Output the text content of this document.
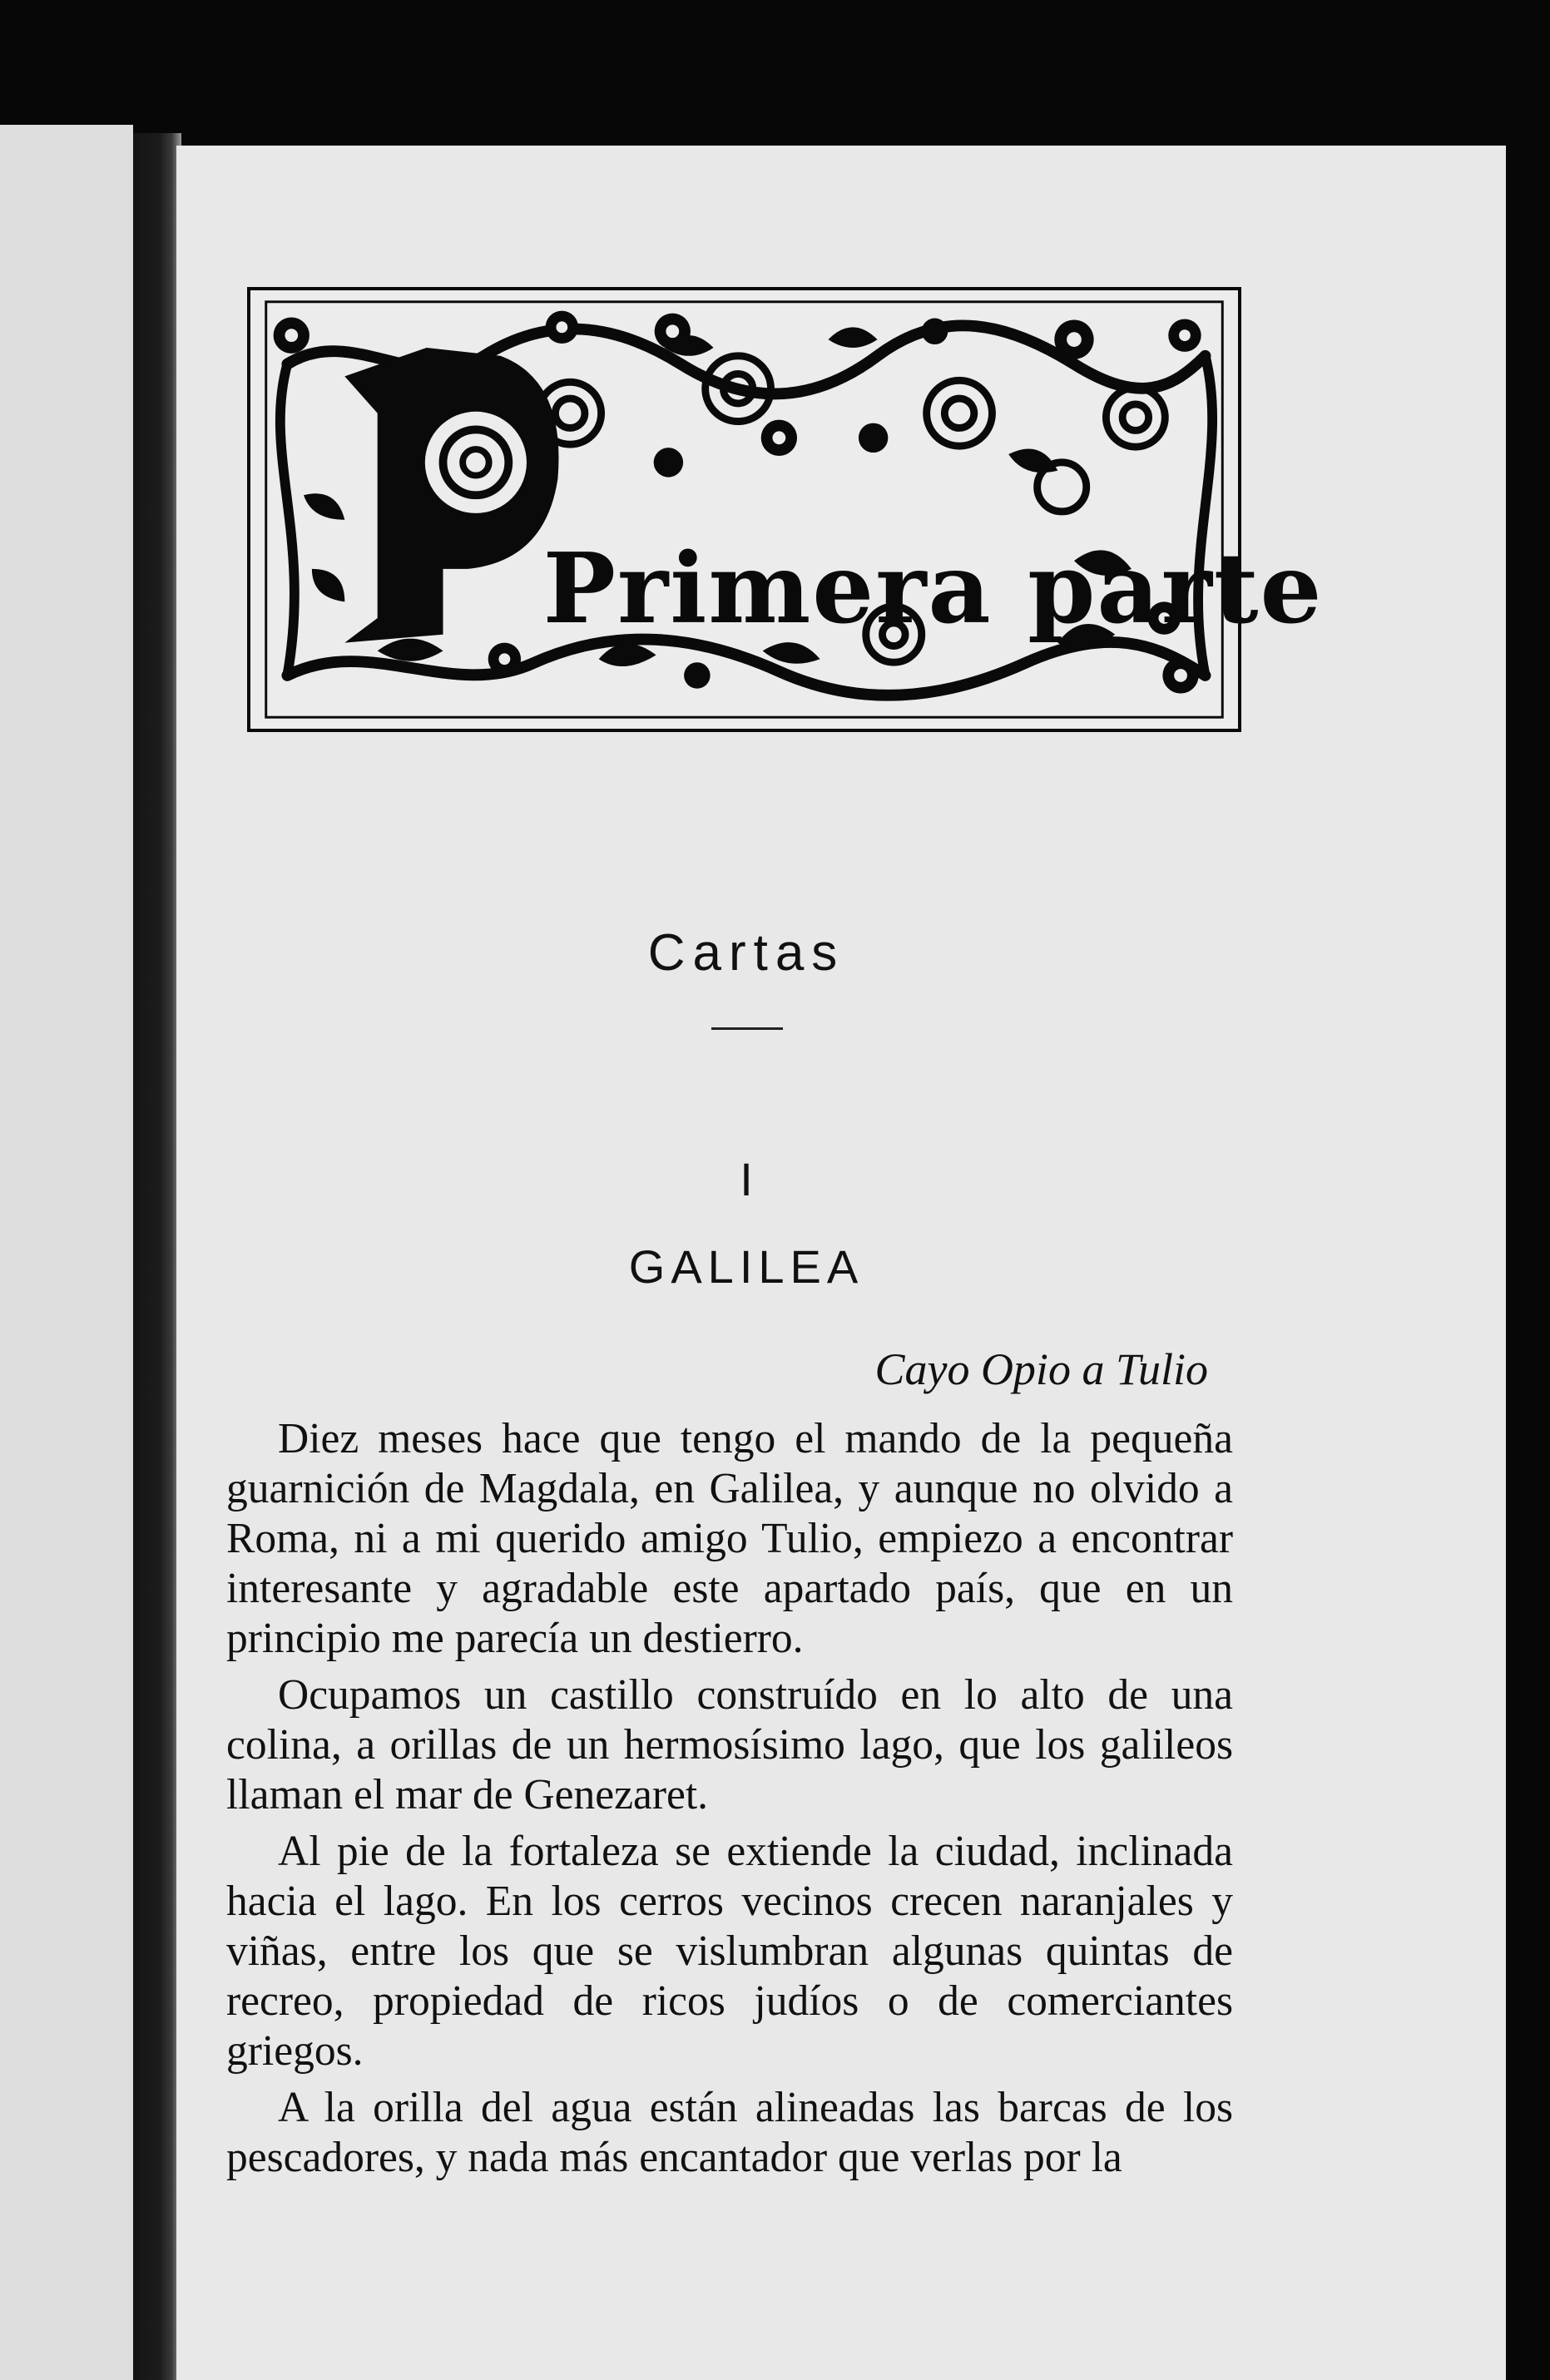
Primera parte
Cartas
I
GALILEA
Cayo Opio a Tulio

Diez meses hace que tengo el mando de la pequeña guarnición de Magdala, en Galilea, y aunque no olvido a Roma, ni a mi querido amigo Tulio, empiezo a encontrar interesante y agradable este apartado país, que en un principio me parecía un destierro.

Ocupamos un castillo construído en lo alto de una colina, a orillas de un hermosísimo lago, que los galileos llaman el mar de Genezaret.

Al pie de la fortaleza se extiende la ciudad, inclinada hacia el lago. En los cerros vecinos crecen naranjales y viñas, entre los que se vislumbran algunas quintas de recreo, propiedad de ricos judíos o de comerciantes griegos.

A la orilla del agua están alineadas las barcas de los pescadores, y nada más encantador que verlas por la
